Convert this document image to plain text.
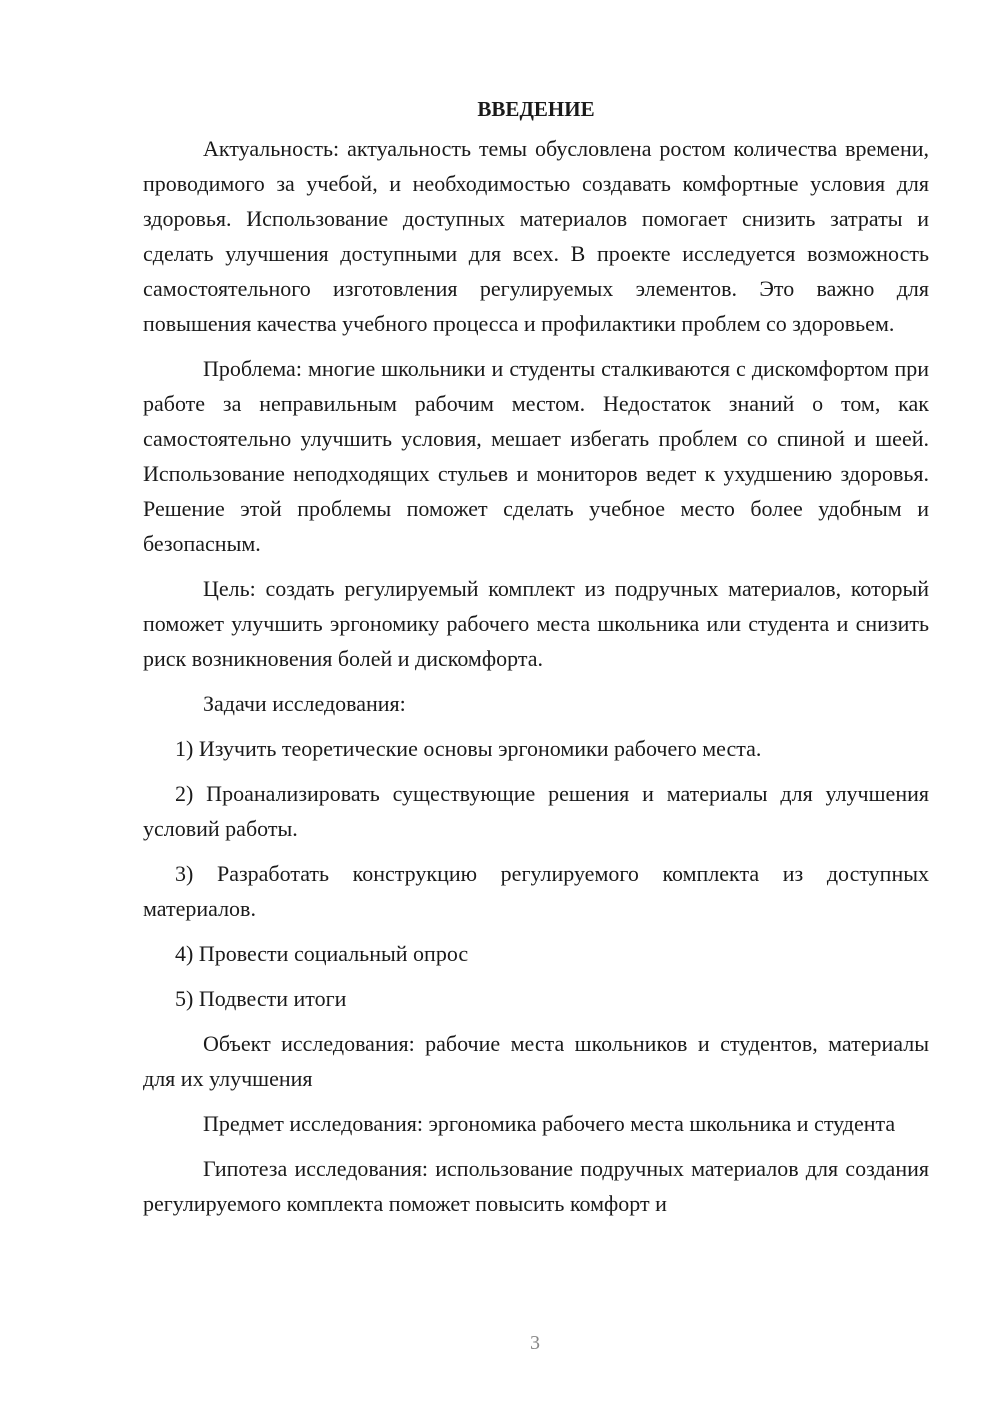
ВВЕДЕНИЕ

Актуальность: актуальность темы обусловлена ростом количества времени, проводимого за учебой, и необходимостью создавать комфортные условия для здоровья. Использование доступных материалов помогает снизить затраты и сделать улучшения доступными для всех. В проекте исследуется возможность самостоятельного изготовления регулируемых элементов. Это важно для повышения качества учебного процесса и профилактики проблем со здоровьем.

Проблема: многие школьники и студенты сталкиваются с дискомфортом при работе за неправильным рабочим местом. Недостаток знаний о том, как самостоятельно улучшить условия, мешает избегать проблем со спиной и шеей. Использование неподходящих стульев и мониторов ведет к ухудшению здоровья. Решение этой проблемы поможет сделать учебное место более удобным и безопасным.

Цель: создать регулируемый комплект из подручных материалов, который поможет улучшить эргономику рабочего места школьника или студента и снизить риск возникновения болей и дискомфорта.

Задачи исследования:

1) Изучить теоретические основы эргономики рабочего места.

2) Проанализировать существующие решения и материалы для улучшения условий работы.

3) Разработать конструкцию регулируемого комплекта из доступных материалов.

4) Провести социальный опрос

5) Подвести итоги

Объект исследования: рабочие места школьников и студентов, материалы для их улучшения

Предмет исследования: эргономика рабочего места школьника и студента

Гипотеза исследования: использование подручных материалов для создания регулируемого комплекта поможет повысить комфорт и

3
